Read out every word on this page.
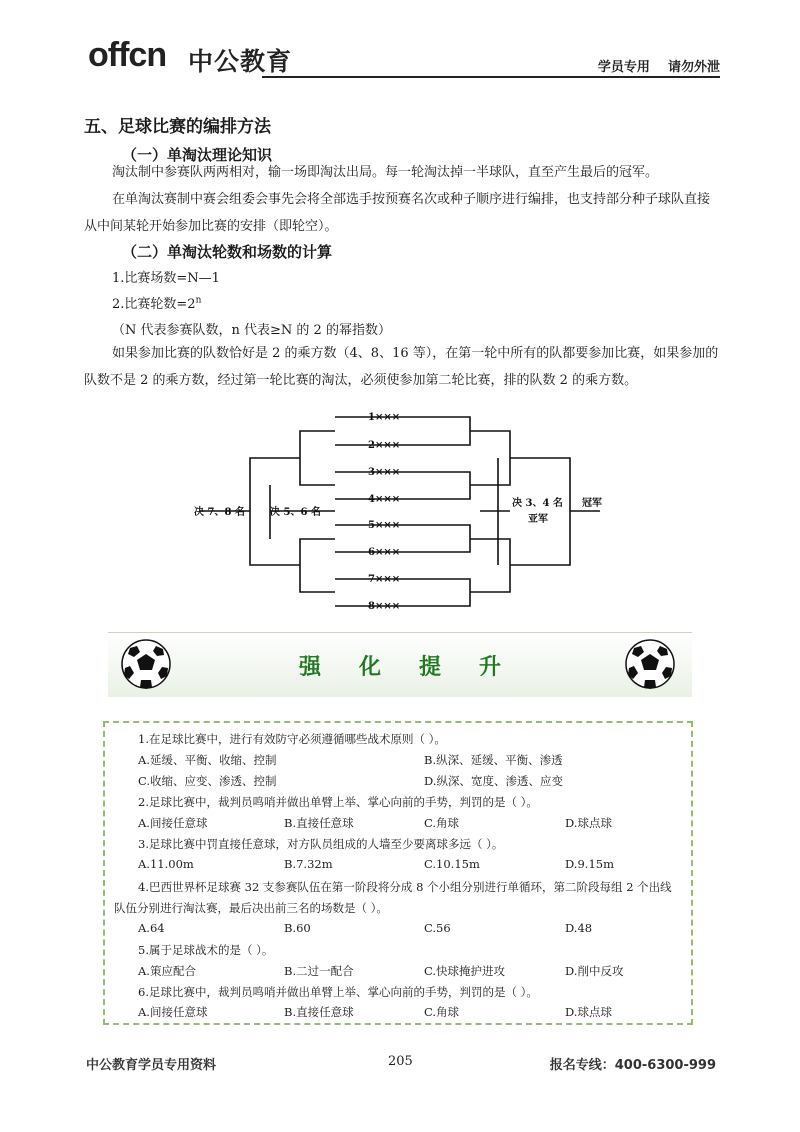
offcn 中公教育	学员专用    请勿外泄
五、足球比赛的编排方法
（一）单淘汰理论知识

淘汰制中参赛队两两相对，输一场即淘汰出局。每一轮淘汰掉一半球队，直至产生最后的冠军。

在单淘汰赛制中赛会组委会事先会将全部选手按预赛名次或种子顺序进行编排，也支持部分种子球队直接从中间某轮开始参加比赛的安排（即轮空）。

（二）单淘汰轮数和场数的计算
1.比赛场数=N—1
2.比赛轮数$=2^n$
（N 代表参赛队数，n 代表≥N 的 2 的幂指数）

如果参加比赛的队数恰好是 2 的乘方数（4、8、16 等），在第一轮中所有的队都要参加比赛，如果参加的队数不是 2 的乘方数，经过第一轮比赛的淘汰，必须使参加第二轮比赛，排的队数 2 的乘方数。

1×××
2×××
3×××
4×××
5×××
6×××
7×××
8×××
决 7、8 名	决 5、6 名
决 3、4 名
亚军
冠军
强化提升
1.在足球比赛中，进行有效防守必须遵循哪些战术原则（ ）。
A.延缓、平衡、收缩、控制	B.纵深、延缓、平衡、渗透
C.收缩、应变、渗透、控制	D.纵深、宽度、渗透、应变
2.足球比赛中，裁判员鸣哨并做出单臂上举、掌心向前的手势，判罚的是（ ）。
A.间接任意球	B.直接任意球	C.角球	D.球点球
3.足球比赛中罚直接任意球，对方队员组成的人墙至少要离球多远（ ）。
A.11.00m	B.7.32m	C.10.15m	D.9.15m
4.巴西世界杯足球赛 32 支参赛队伍在第一阶段将分成 8 个小组分别进行单循环，第二阶段每组 2 个出线
队伍分别进行淘汰赛，最后决出前三名的场数是（ ）。
A.64	B.60	C.56	D.48
5.属于足球战术的是（ ）。
A.策应配合	B.二过一配合	C.快球掩护进攻	D.削中反攻
6.足球比赛中，裁判员鸣哨并做出单臂上举、掌心向前的手势，判罚的是（ ）。
A.间接任意球	B.直接任意球	C.角球	D.球点球
中公教育学员专用资料	205	报名专线：400-6300-999
